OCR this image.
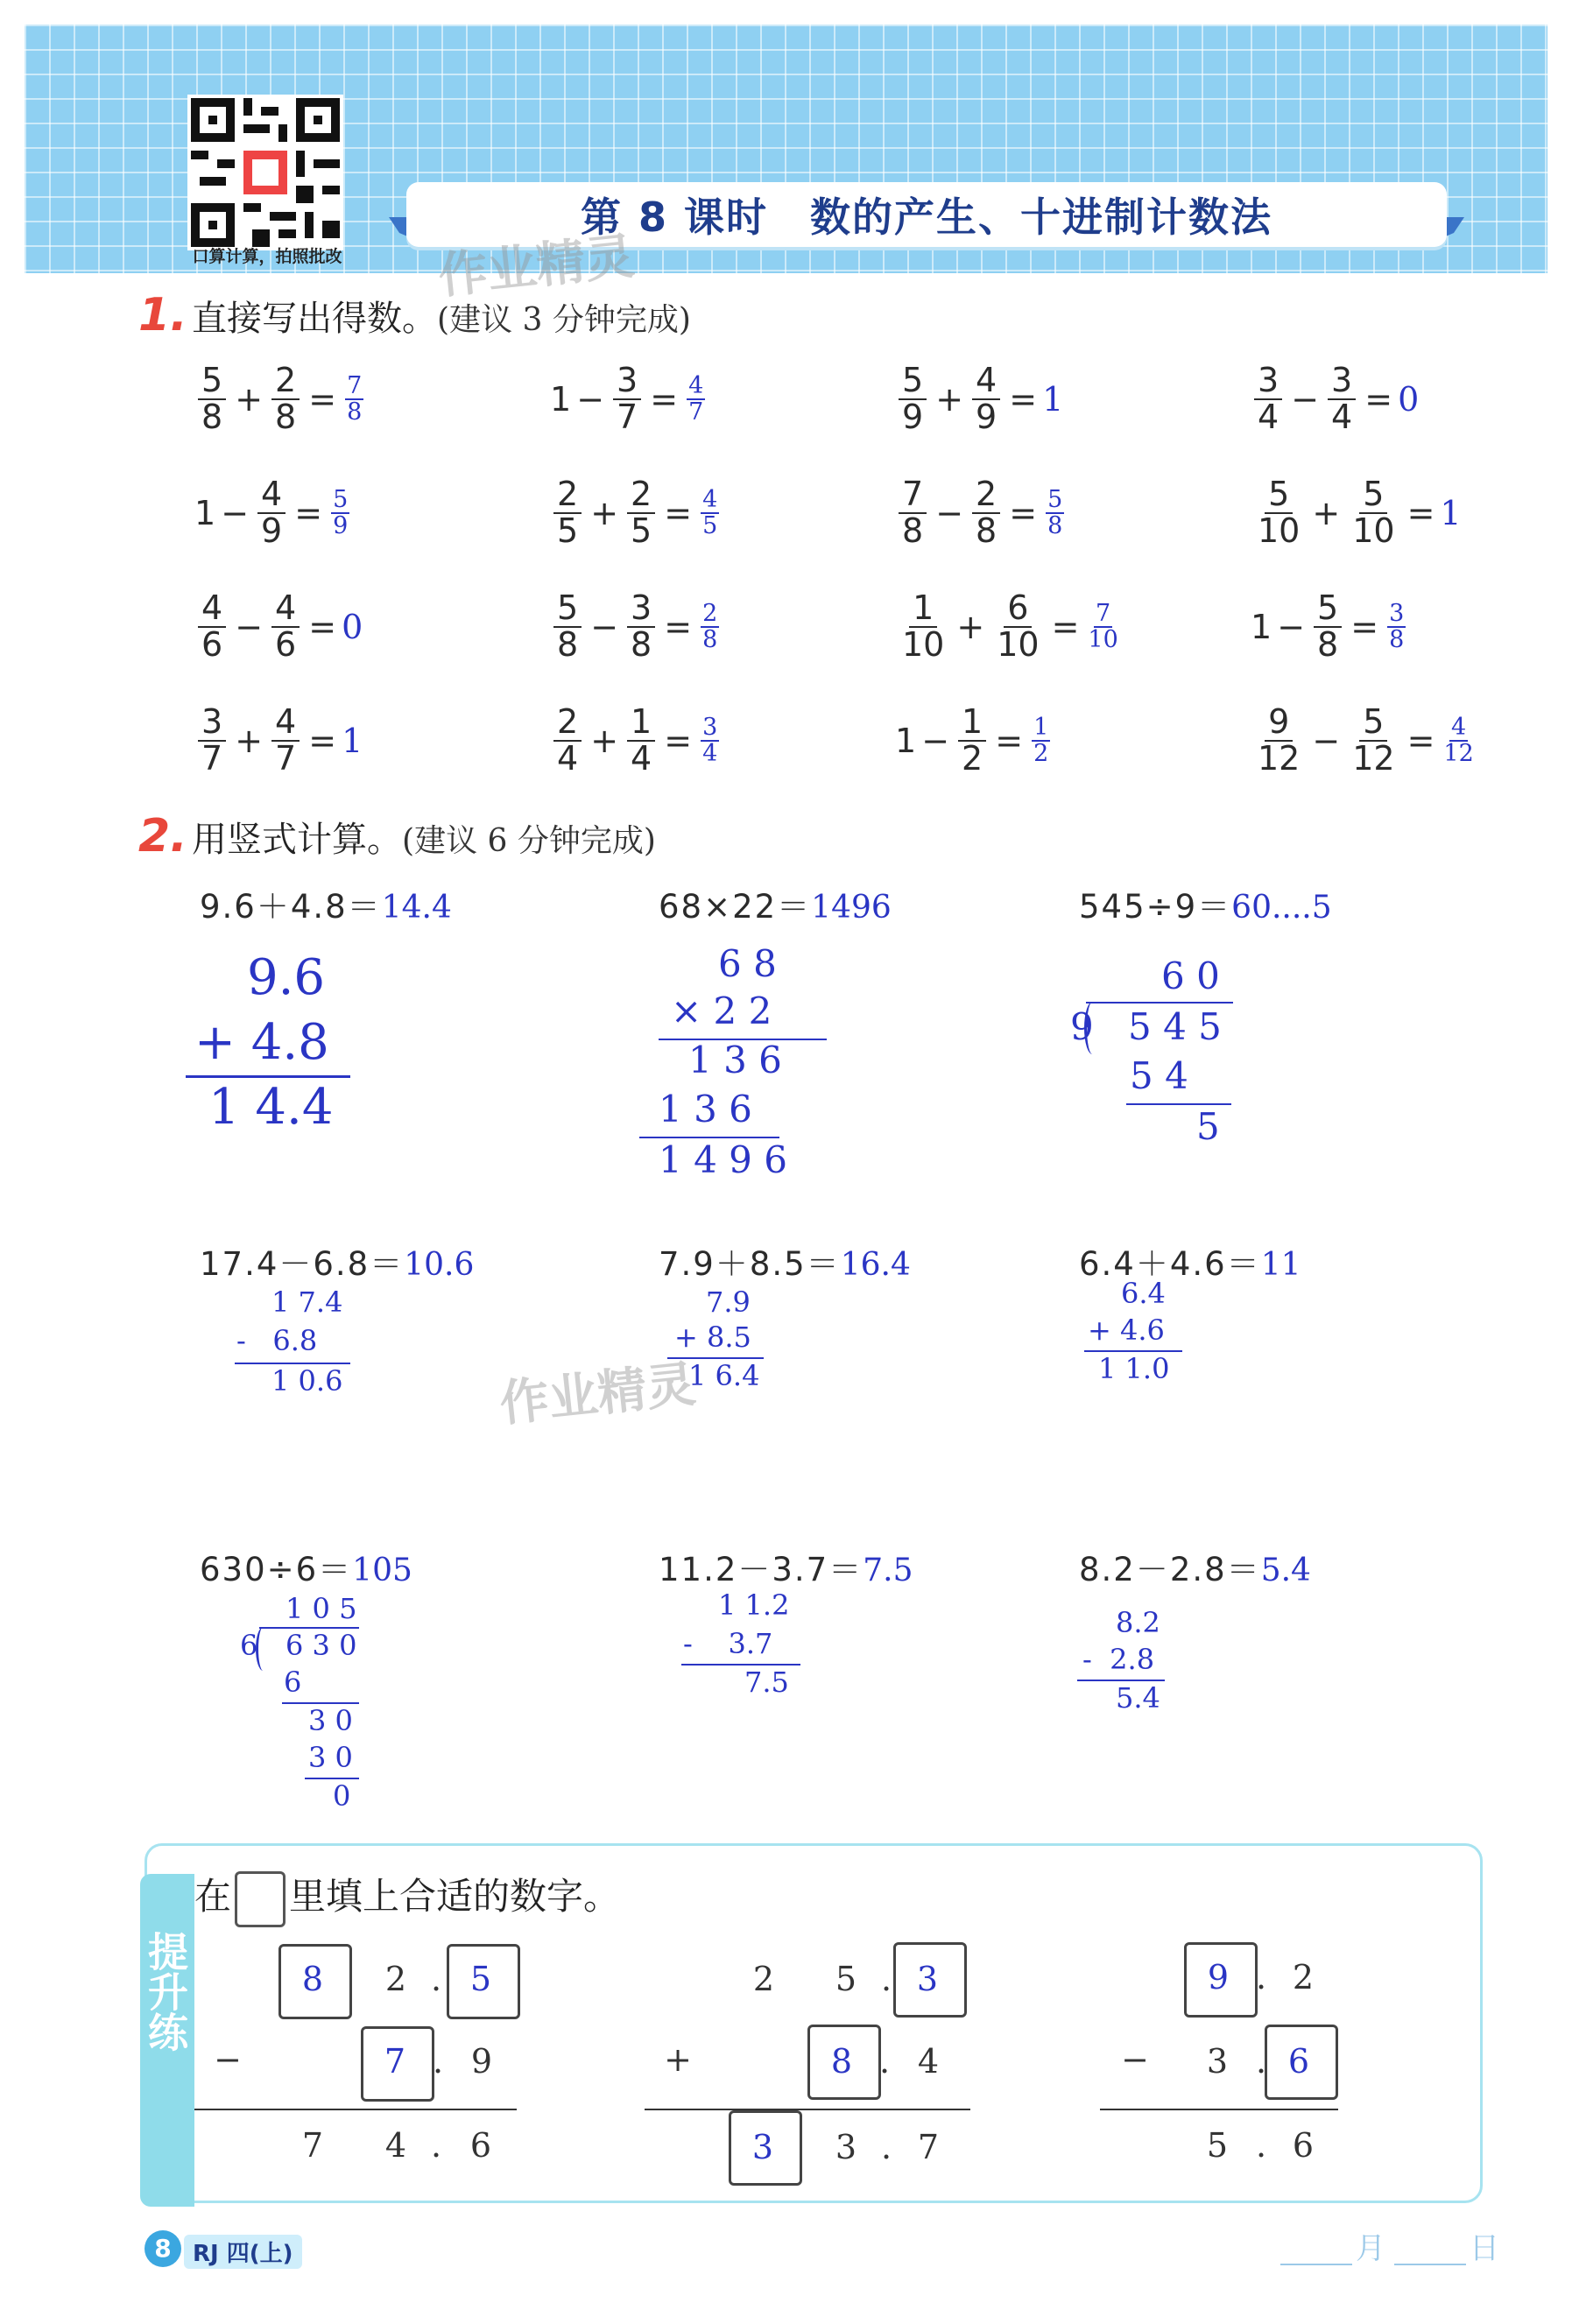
口算计算，拍照批改
第 8 课时　数的产生、十进制计数法
1. 直接写出得数。(建议 3 分钟完成)
$\frac{5}{8} + \frac{2}{8} = \frac{7}{8}$	$1 - \frac{3}{7} = \frac{4}{7}$	$\frac{5}{9} + \frac{4}{9} = 1$	$\frac{3}{4} - \frac{3}{4} = 0$
$1 - \frac{4}{9} = \frac{5}{9}$	$\frac{2}{5} + \frac{2}{5} = \frac{4}{5}$	$\frac{7}{8} - \frac{2}{8} = \frac{5}{8}$	$\frac{5}{10} + \frac{5}{10} = 1$
$\frac{4}{6} - \frac{4}{6} = 0$	$\frac{5}{8} - \frac{3}{8} = \frac{2}{8}$	$\frac{1}{10} + \frac{6}{10} = \frac{7}{10}$	$1 - \frac{5}{8} = \frac{3}{8}$
$\frac{3}{7} + \frac{4}{7} = 1$	$\frac{2}{4} + \frac{1}{4} = \frac{3}{4}$	$1 - \frac{1}{2} = \frac{1}{2}$	$\frac{9}{12} - \frac{5}{12} = \frac{4}{12}$
2. 用竖式计算。(建议 6 分钟完成)
9.6＋4.8＝14.4	68×22＝1496	545÷9＝60....5
17.4－6.8＝10.6	7.9＋8.5＝16.4	6.4＋4.6＝11
630÷6＝105	11.2－3.7＝7.5	8.2－2.8＝5.4
9.6
+ 4.8
1 4.4
6 8
× 2 2
1 3 6
1 3 6
1 4 9 6
6 0
9 5 4 5
5 4
5
1 7.4
-   6.8
1 0.6
7.9
+ 8.5
1 6.4
6.4
+ 4.6
1 1.0
1 0 5
6 6 3 0
6
3 0
3 0
0
1 1.2
-    3.7
7.5
8.2
-  2.8
5.4
作业精灵
作业精灵
提升练
在 里填上合适的数字。
8	2 . 5
−	7 . 9
7	4 . 6
2	5 . 3
+	8 . 4
3	3 . 7
9 . 2
−	3 . 6
5 . 6
8 RJ 四(上)	月	日
